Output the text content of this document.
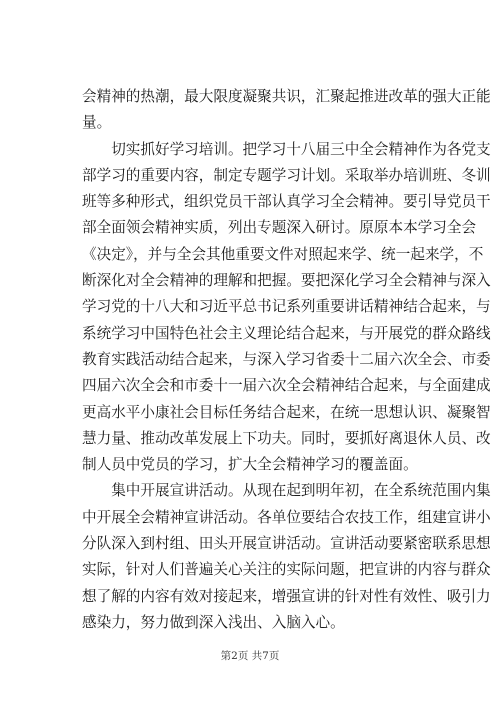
会精神的热潮，最大限度凝聚共识，汇聚起推进改革的强大正能
量。
　　切实抓好学习培训。把学习十八届三中全会精神作为各党支
部学习的重要内容，制定专题学习计划。采取举办培训班、冬训
班等多种形式，组织党员干部认真学习全会精神。要引导党员干
部全面领会精神实质，列出专题深入研讨。原原本本学习全会
《决定》，并与全会其他重要文件对照起来学、统一起来学，不
断深化对全会精神的理解和把握。要把深化学习全会精神与深入
学习党的十八大和习近平总书记系列重要讲话精神结合起来，与
系统学习中国特色社会主义理论结合起来，与开展党的群众路线
教育实践活动结合起来，与深入学习省委十二届六次全会、市委
四届六次全会和市委十一届六次全会精神结合起来，与全面建成
更高水平小康社会目标任务结合起来，在统一思想认识、凝聚智
慧力量、推动改革发展上下功夫。同时，要抓好离退休人员、改
制人员中党员的学习，扩大全会精神学习的覆盖面。
　　集中开展宣讲活动。从现在起到明年初，在全系统范围内集
中开展全会精神宣讲活动。各单位要结合农技工作，组建宣讲小
分队深入到村组、田头开展宣讲活动。宣讲活动要紧密联系思想
实际，针对人们普遍关心关注的实际问题，把宣讲的内容与群众
想了解的内容有效对接起来，增强宣讲的针对性有效性、吸引力
感染力，努力做到深入浅出、入脑入心。
第2页 共7页
